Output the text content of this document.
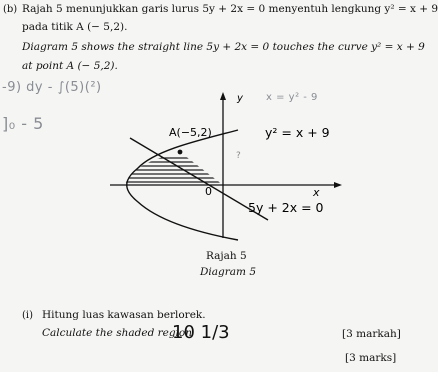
(b) Rajah 5 menunjukkan garis lurus 5y + 2x = 0 menyentuh lengkung y² = x + 9
pada titik A (− 5,2).
Diagram 5 shows the straight line 5y + 2x = 0 touches the curve y² = x + 9
at point A (− 5,2).
-9) dy - ∫(5)(²)
]₀ - 5
x = y² - 9
y
x
0
A(−5,2)	y² = x + 9
5y + 2x = 0
?
Rajah 5
Diagram 5
(i) Hitung luas kawasan berlorek.
Calculate the shaded region
10 1/3	[3 markah]
[3 marks]
